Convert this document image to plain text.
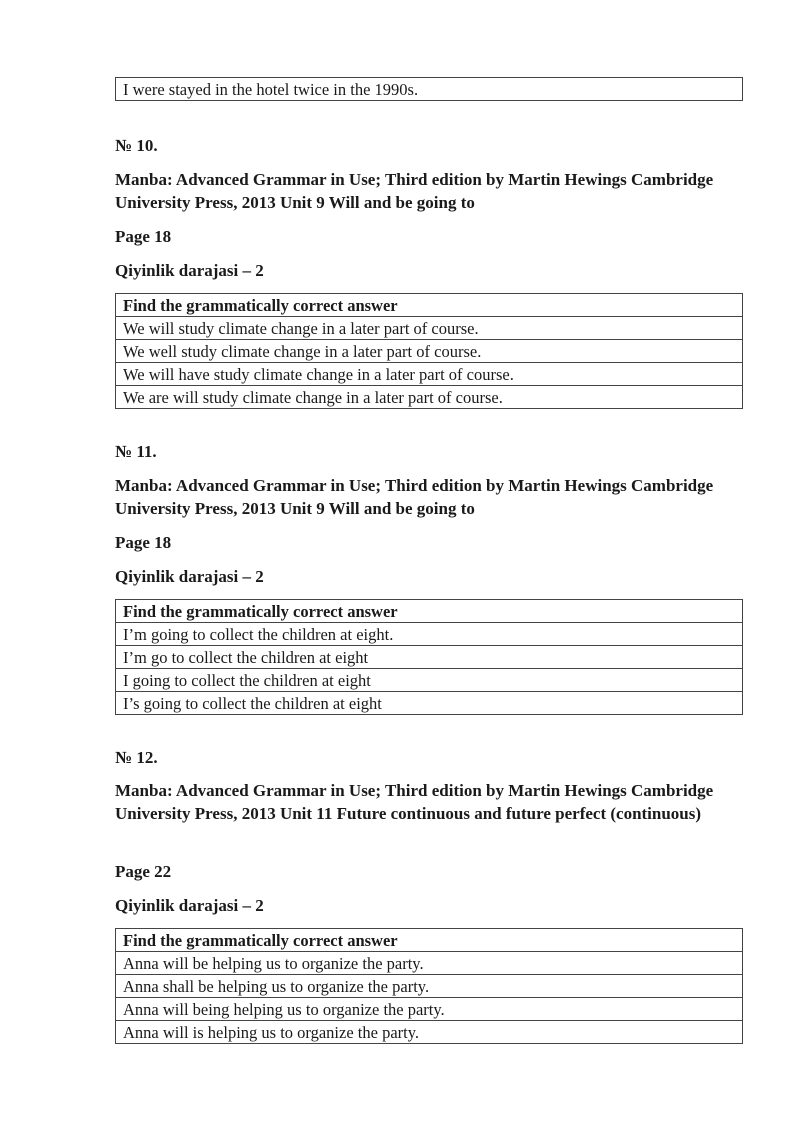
I were stayed in the hotel twice in the 1990s.

№ 10.

Manba: Advanced Grammar in Use; Third edition by Martin Hewings Cambridge University Press, 2013 Unit 9 Will and be going to

Page 18

Qiyinlik darajasi – 2

Find the grammatically correct answer
We will study climate change in a later part of course.
We well study climate change in a later part of course.
We will have study climate change in a later part of course.
We are will study climate change in a later part of course.

№ 11.

Manba: Advanced Grammar in Use; Third edition by Martin Hewings Cambridge University Press, 2013 Unit 9 Will and be going to

Page 18

Qiyinlik darajasi – 2

Find the grammatically correct answer
I’m going to collect the children at eight.
I’m go to collect the children at eight
I going to collect the children at eight
I’s going to collect the children at eight

№ 12.

Manba: Advanced Grammar in Use; Third edition by Martin Hewings Cambridge University Press, 2013 Unit 11 Future continuous and future perfect (continuous)

Page 22

Qiyinlik darajasi – 2

Find the grammatically correct answer
Anna will be helping us to organize the party.
Anna shall be helping us to organize the party.
Anna will being helping us to organize the party.
Anna will is helping us to organize the party.
